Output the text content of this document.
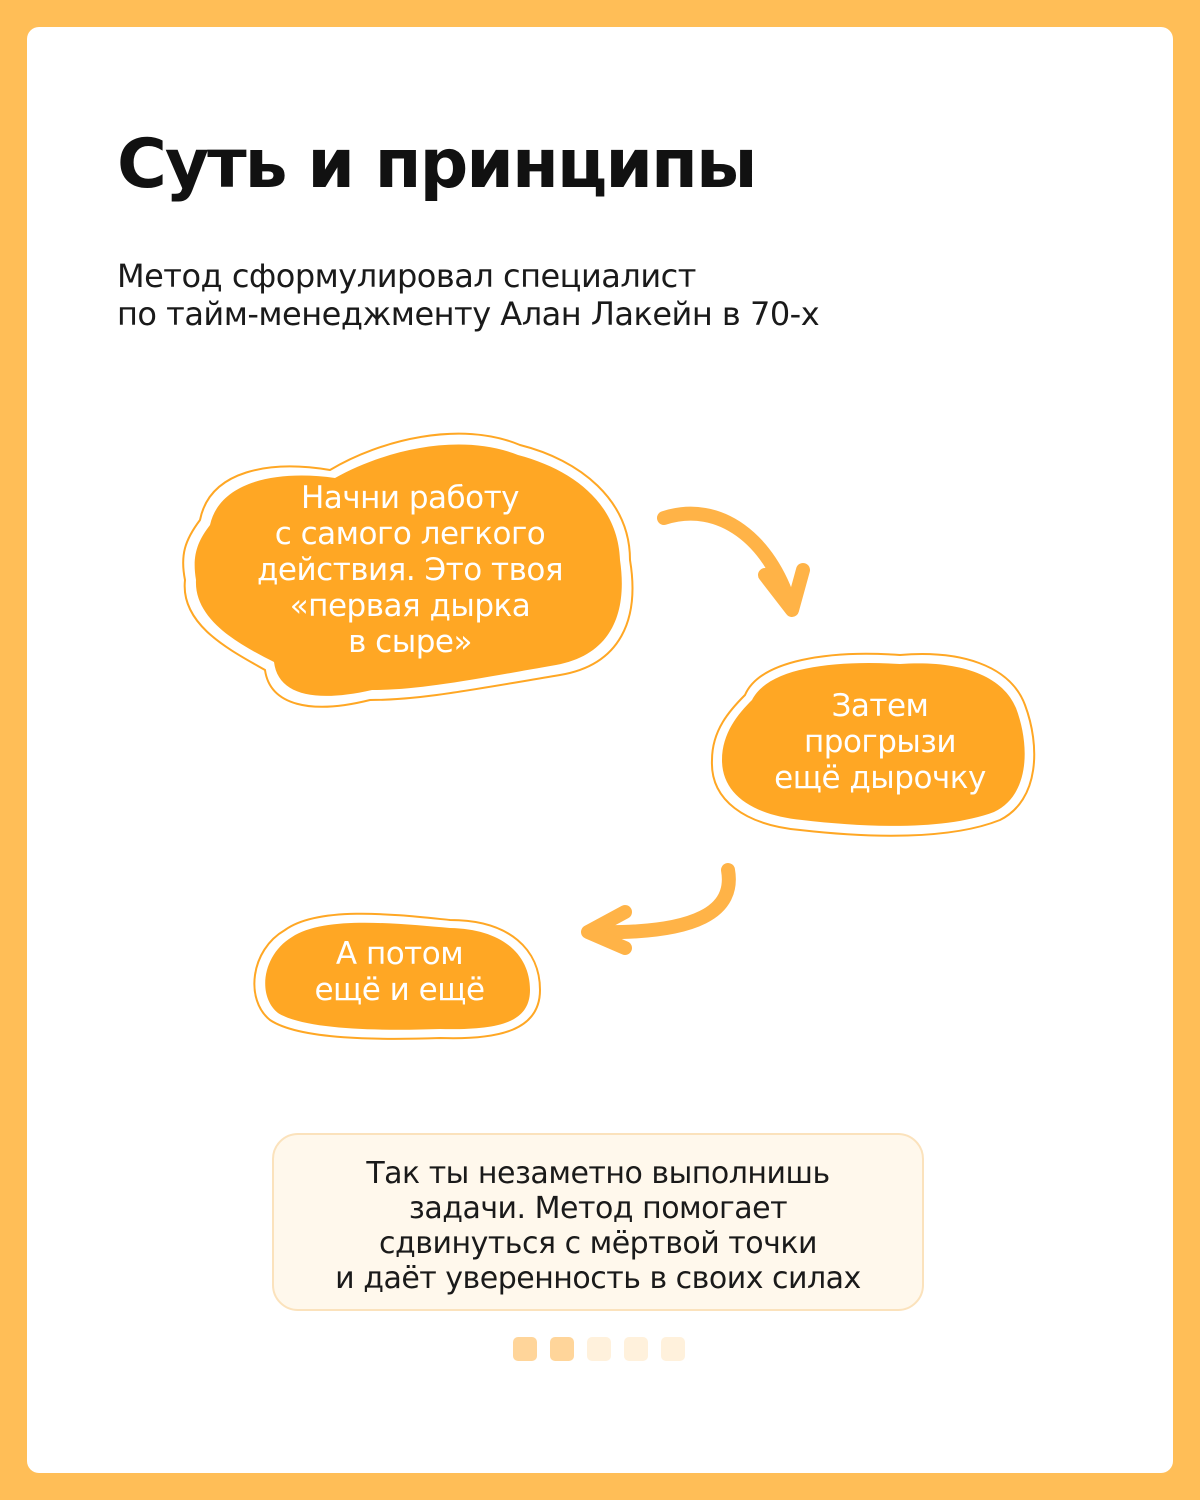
Суть и принципы

Метод сформулировал специалист
по тайм-менеджменту Алан Лакейн в 70-х

Начни работу
с самого легкого
действия. Это твоя
«первая дырка
в сыре»
Затем
прогрызи
ещё дырочку
А потом
ещё и ещё
Так ты незаметно выполнишь
задачи. Метод помогает
сдвинуться с мёртвой точки
и даёт уверенность в своих силах
